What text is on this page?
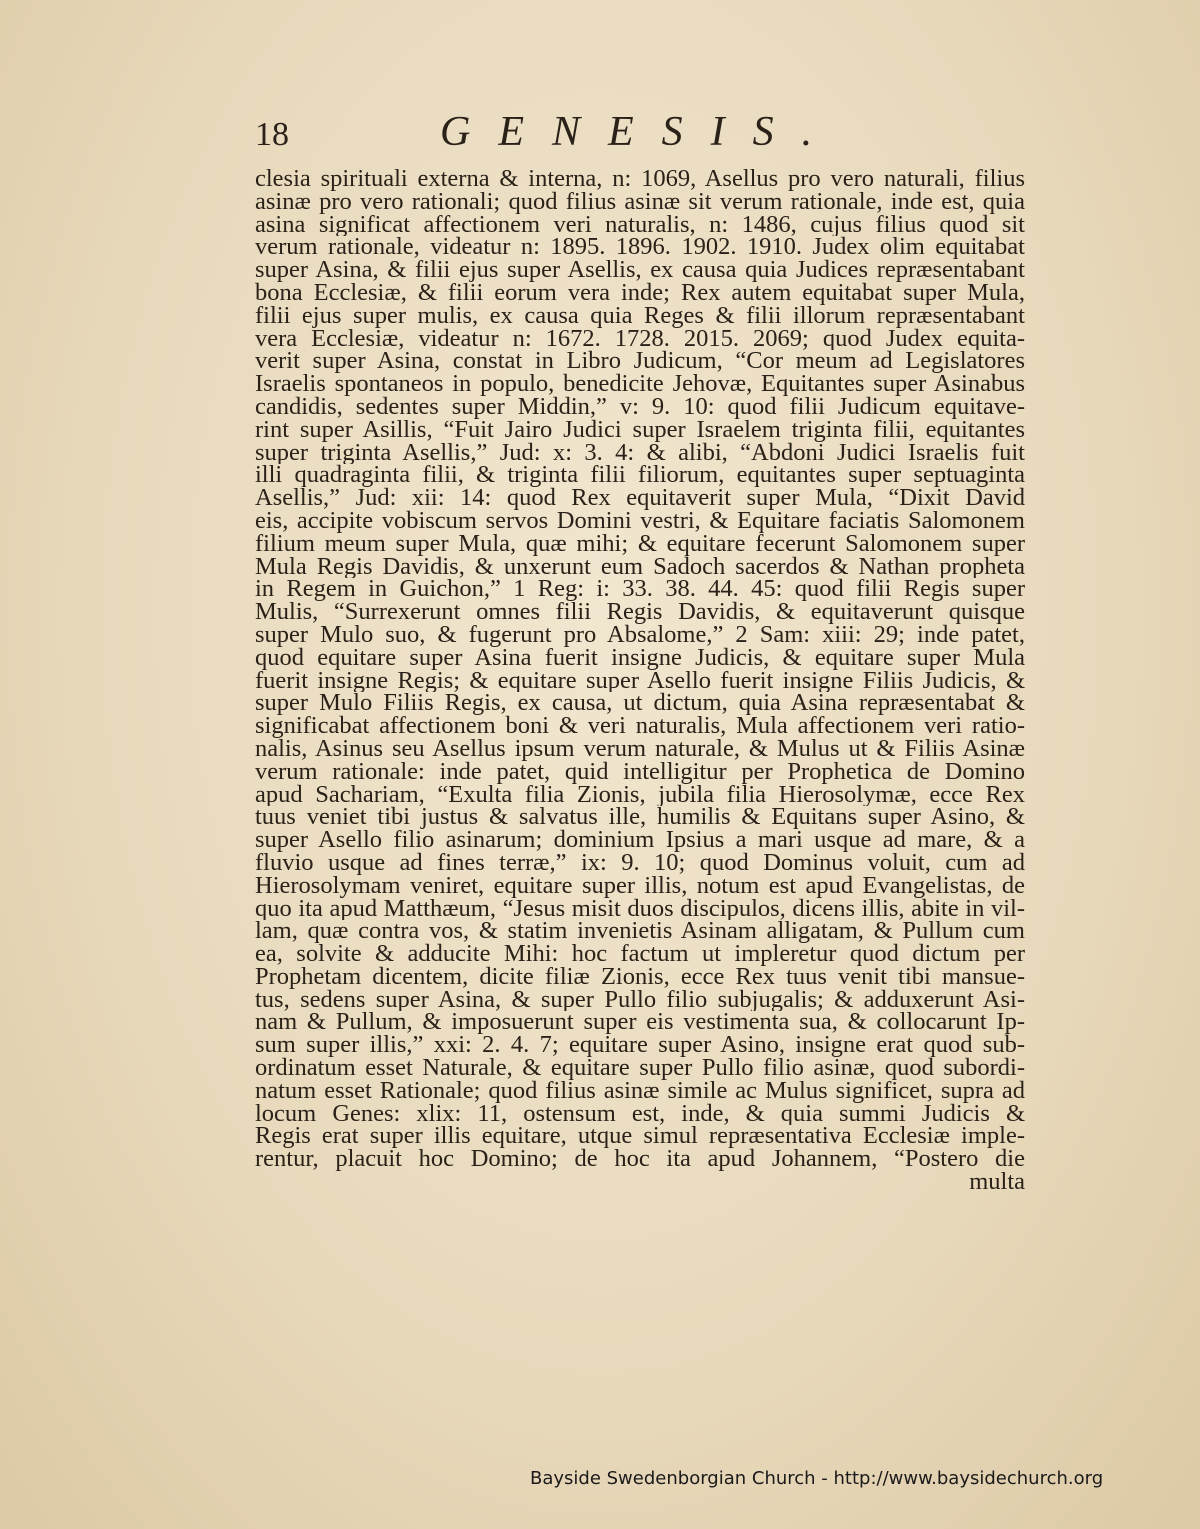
18	GENESIS.
clesia spirituali externa & interna, n: 1069, Asellus pro vero naturali, filius
asinæ pro vero rationali; quod filius asinæ sit verum rationale, inde est, quia
asina significat affectionem veri naturalis, n: 1486, cujus filius quod sit
verum rationale, videatur n: 1895. 1896. 1902. 1910. Judex olim equitabat
super Asina, & filii ejus super Asellis, ex causa quia Judices repræsentabant
bona Ecclesiæ, & filii eorum vera inde; Rex autem equitabat super Mula,
filii ejus super mulis, ex causa quia Reges & filii illorum repræsentabant
vera Ecclesiæ, videatur n: 1672. 1728. 2015. 2069; quod Judex equita-
verit super Asina, constat in Libro Judicum, “Cor meum ad Legislatores
Israelis spontaneos in populo, benedicite Jehovæ, Equitantes super Asinabus
candidis, sedentes super Middin,” v: 9. 10: quod filii Judicum equitave-
rint super Asillis, “Fuit Jairo Judici super Israelem triginta filii, equitantes
super triginta Asellis,” Jud: x: 3. 4: & alibi, “Abdoni Judici Israelis fuit
illi quadraginta filii, & triginta filii filiorum, equitantes super septuaginta
Asellis,” Jud: xii: 14: quod Rex equitaverit super Mula, “Dixit David
eis, accipite vobiscum servos Domini vestri, & Equitare faciatis Salomonem
filium meum super Mula, quæ mihi; & equitare fecerunt Salomonem super
Mula Regis Davidis, & unxerunt eum Sadoch sacerdos & Nathan propheta
in Regem in Guichon,” 1 Reg: i: 33. 38. 44. 45: quod filii Regis super
Mulis, “Surrexerunt omnes filii Regis Davidis, & equitaverunt quisque
super Mulo suo, & fugerunt pro Absalome,” 2 Sam: xiii: 29; inde patet,
quod equitare super Asina fuerit insigne Judicis, & equitare super Mula
fuerit insigne Regis; & equitare super Asello fuerit insigne Filiis Judicis, &
super Mulo Filiis Regis, ex causa, ut dictum, quia Asina repræsentabat &
significabat affectionem boni & veri naturalis, Mula affectionem veri ratio-
nalis, Asinus seu Asellus ipsum verum naturale, & Mulus ut & Filiis Asinæ
verum rationale: inde patet, quid intelligitur per Prophetica de Domino
apud Sachariam, “Exulta filia Zionis, jubila filia Hierosolymæ, ecce Rex
tuus veniet tibi justus & salvatus ille, humilis & Equitans super Asino, &
super Asello filio asinarum; dominium Ipsius a mari usque ad mare, & a
fluvio usque ad fines terræ,” ix: 9. 10; quod Dominus voluit, cum ad
Hierosolymam veniret, equitare super illis, notum est apud Evangelistas, de
quo ita apud Matthæum, “Jesus misit duos discipulos, dicens illis, abite in vil-
lam, quæ contra vos, & statim invenietis Asinam alligatam, & Pullum cum
ea, solvite & adducite Mihi: hoc factum ut impleretur quod dictum per
Prophetam dicentem, dicite filiæ Zionis, ecce Rex tuus venit tibi mansue-
tus, sedens super Asina, & super Pullo filio subjugalis; & adduxerunt Asi-
nam & Pullum, & imposuerunt super eis vestimenta sua, & collocarunt Ip-
sum super illis,” xxi: 2. 4. 7; equitare super Asino, insigne erat quod sub-
ordinatum esset Naturale, & equitare super Pullo filio asinæ, quod subordi-
natum esset Rationale; quod filius asinæ simile ac Mulus significet, supra ad
locum Genes: xlix: 11, ostensum est, inde, & quia summi Judicis &
Regis erat super illis equitare, utque simul repræsentativa Ecclesiæ imple-
rentur, placuit hoc Domino; de hoc ita apud Johannem, “Postero die
multa
Bayside Swedenborgian Church - http://www.baysidechurch.org
